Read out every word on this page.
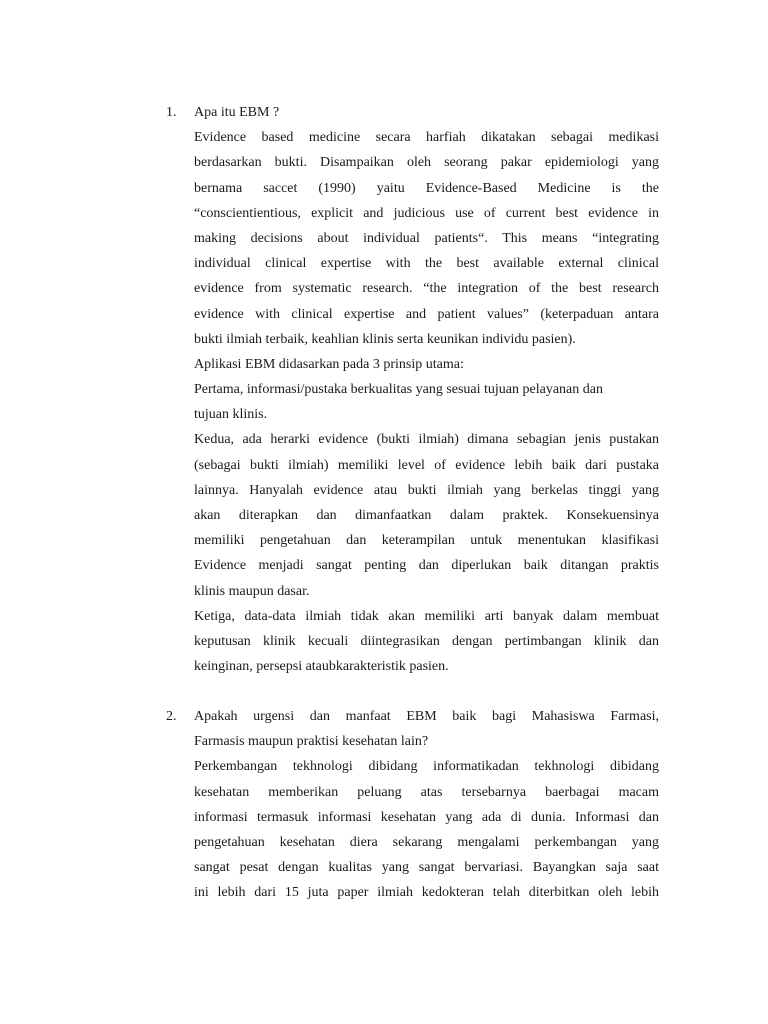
1.	Apa itu EBM ?
Evidence based medicine secara harfiah dikatakan sebagai medikasi
berdasarkan bukti. Disampaikan oleh seorang pakar epidemiologi yang
bernama saccet (1990) yaitu Evidence-Based Medicine is the
“conscientientious, explicit and judicious use of current best evidence in
making decisions about individual patients“. This means “integrating
individual clinical expertise with the best available external clinical
evidence from systematic research. “the integration of the best research
evidence with clinical expertise and patient values” (keterpaduan antara
bukti ilmiah terbaik, keahlian klinis serta keunikan individu pasien).
Aplikasi EBM didasarkan pada 3 prinsip utama:
Pertama, informasi/pustaka berkualitas yang sesuai tujuan pelayanan dan
tujuan klinis.
Kedua, ada herarki evidence (bukti ilmiah) dimana sebagian jenis pustakan
(sebagai bukti ilmiah) memiliki level of evidence lebih baik dari pustaka
lainnya. Hanyalah evidence atau bukti ilmiah yang berkelas tinggi yang
akan diterapkan dan dimanfaatkan dalam praktek. Konsekuensinya
memiliki pengetahuan dan keterampilan untuk menentukan klasifikasi
Evidence menjadi sangat penting dan diperlukan baik ditangan praktis
klinis maupun dasar.
Ketiga, data-data ilmiah tidak akan memiliki arti banyak dalam membuat
keputusan klinik kecuali diintegrasikan dengan pertimbangan klinik dan
keinginan, persepsi ataubkarakteristik pasien.
2.	Apakah urgensi dan manfaat EBM baik bagi Mahasiswa Farmasi,
Farmasis maupun praktisi kesehatan lain?
Perkembangan tekhnologi dibidang informatikadan tekhnologi dibidang
kesehatan memberikan peluang atas tersebarnya baerbagai macam
informasi termasuk informasi kesehatan yang ada di dunia. Informasi dan
pengetahuan kesehatan diera sekarang mengalami perkembangan yang
sangat pesat dengan kualitas yang sangat bervariasi. Bayangkan saja saat
ini lebih dari 15 juta paper ilmiah kedokteran telah diterbitkan oleh lebih
